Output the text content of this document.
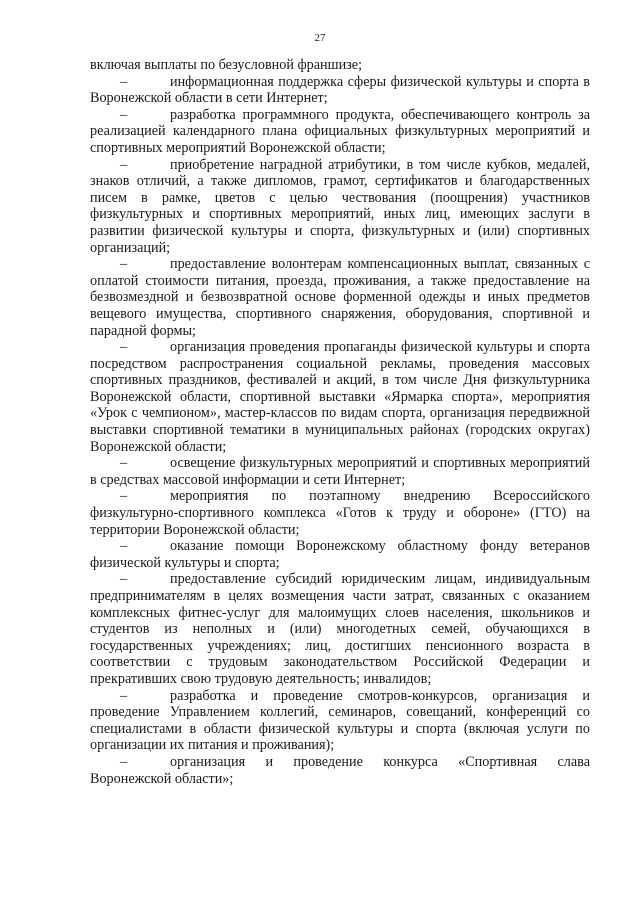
27

включая выплаты по безусловной франшизе;

–	информационная поддержка сферы физической культуры и спорта в Воронежской области в сети Интернет;

–	разработка программного продукта, обеспечивающего контроль за реализацией календарного плана официальных физкультурных мероприятий и спортивных мероприятий Воронежской области;

–	приобретение наградной атрибутики, в том числе кубков, медалей, знаков отличий, а также дипломов, грамот, сертификатов и благодарственных писем в рамке, цветов с целью чествования (поощрения) участников физкультурных и спортивных мероприятий, иных лиц, имеющих заслуги в развитии физической культуры и спорта, физкультурных и (или) спортивных организаций;

–	предоставление волонтерам компенсационных выплат, связанных с оплатой стоимости питания, проезда, проживания, а также предоставление на безвозмездной и безвозвратной основе форменной одежды и иных предметов вещевого имущества, спортивного снаряжения, оборудования, спортивной и парадной формы;

–	организация проведения пропаганды физической культуры и спорта посредством распространения социальной рекламы, проведения массовых спортивных праздников, фестивалей и акций, в том числе Дня физкультурника Воронежской области, спортивной выставки «Ярмарка спорта», мероприятия «Урок с чемпионом», мастер-классов по видам спорта, организация передвижной выставки спортивной тематики в муниципальных районах (городских округах) Воронежской области;

–	освещение физкультурных мероприятий и спортивных мероприятий в средствах массовой информации и сети Интернет;

–	мероприятия по поэтапному внедрению Всероссийского физкультурно-спортивного комплекса «Готов к труду и обороне» (ГТО) на территории Воронежской области;

–	оказание помощи Воронежскому областному фонду ветеранов физической культуры и спорта;

–	предоставление субсидий юридическим лицам, индивидуальным предпринимателям в целях возмещения части затрат, связанных с оказанием комплексных фитнес-услуг для малоимущих слоев населения, школьников и студентов из неполных и (или) многодетных семей, обучающихся в государственных учреждениях; лиц, достигших пенсионного возраста в соответствии с трудовым законодательством Российской Федерации и прекративших свою трудовую деятельность; инвалидов;

–	разработка и проведение смотров-конкурсов, организация и проведение Управлением коллегий, семинаров, совещаний, конференций со специалистами в области физической культуры и спорта (включая услуги по организации их питания и проживания);

–	организация и проведение конкурса «Спортивная слава Воронежской области»;
